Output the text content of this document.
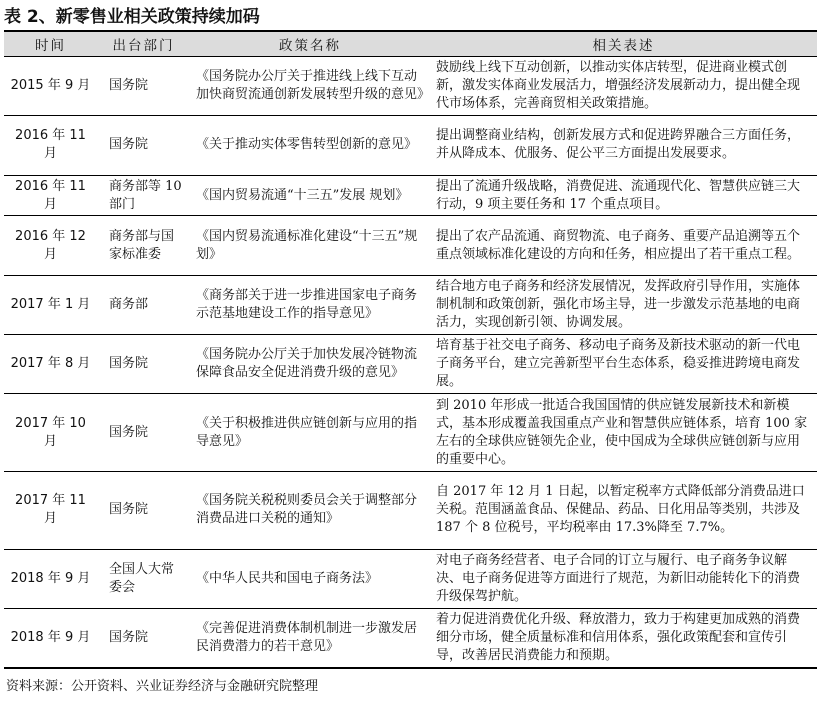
表 2、新零售业相关政策持续加码
时间	出台部门	政策名称	相关表述
2015 年 9 月	国务院	《国务院办公厅关于推进线上线下互动加快商贸流通创新发展转型升级的意见》	鼓励线上线下互动创新，以推动实体店转型，促进商业模式创新，激发实体商业发展活力，增强经济发展新动力，提出健全现代市场体系，完善商贸相关政策措施。
2016 年 11 月	国务院	《关于推动实体零售转型创新的意见》	提出调整商业结构，创新发展方式和促进跨界融合三方面任务，并从降成本、优服务、促公平三方面提出发展要求。
2016 年 11 月	商务部等 10 部门	《国内贸易流通“十三五”发展 规划》	提出了流通升级战略，消费促进、流通现代化、智慧供应链三大行动，9 项主要任务和 17 个重点项目。
2016 年 12 月	商务部与国家标准委	《国内贸易流通标准化建设“十三五”规划》	提出了农产品流通、商贸物流、电子商务、重要产品追溯等五个重点领域标准化建设的方向和任务，相应提出了若干重点工程。
2017 年 1 月	商务部	《商务部关于进一步推进国家电子商务示范基地建设工作的指导意见》	结合地方电子商务和经济发展情况，发挥政府引导作用，实施体制机制和政策创新，强化市场主导，进一步激发示范基地的电商活力，实现创新引领、协调发展。
2017 年 8 月	国务院	《国务院办公厅关于加快发展冷链物流保障食品安全促进消费升级的意见》	培育基于社交电子商务、移动电子商务及新技术驱动的新一代电子商务平台，建立完善新型平台生态体系，稳妥推进跨境电商发展。
2017 年 10 月	国务院	《关于积极推进供应链创新与应用的指导意见》	到 2010 年形成一批适合我国国情的供应链发展新技术和新模式，基本形成覆盖我国重点产业和智慧供应链体系，培育 100 家左右的全球供应链领先企业，使中国成为全球供应链创新与应用的重要中心。
2017 年 11 月	国务院	《国务院关税税则委员会关于调整部分消费品进口关税的通知》	自 2017 年 12 月 1 日起，以暂定税率方式降低部分消费品进口关税。范围涵盖食品、保健品、药品、日化用品等类别，共涉及 187 个 8 位税号，平均税率由 17.3%降至 7.7%。
2018 年 9 月	全国人大常委会	《中华人民共和国电子商务法》	对电子商务经营者、电子合同的订立与履行、电子商务争议解决、电子商务促进等方面进行了规范，为新旧动能转化下的消费升级保驾护航。
2018 年 9 月	国务院	《完善促进消费体制机制进一步激发居民消费潜力的若干意见》	着力促进消费优化升级、释放潜力，致力于构建更加成熟的消费细分市场，健全质量标准和信用体系，强化政策配套和宣传引导，改善居民消费能力和预期。
资料来源：公开资料、兴业证券经济与金融研究院整理
